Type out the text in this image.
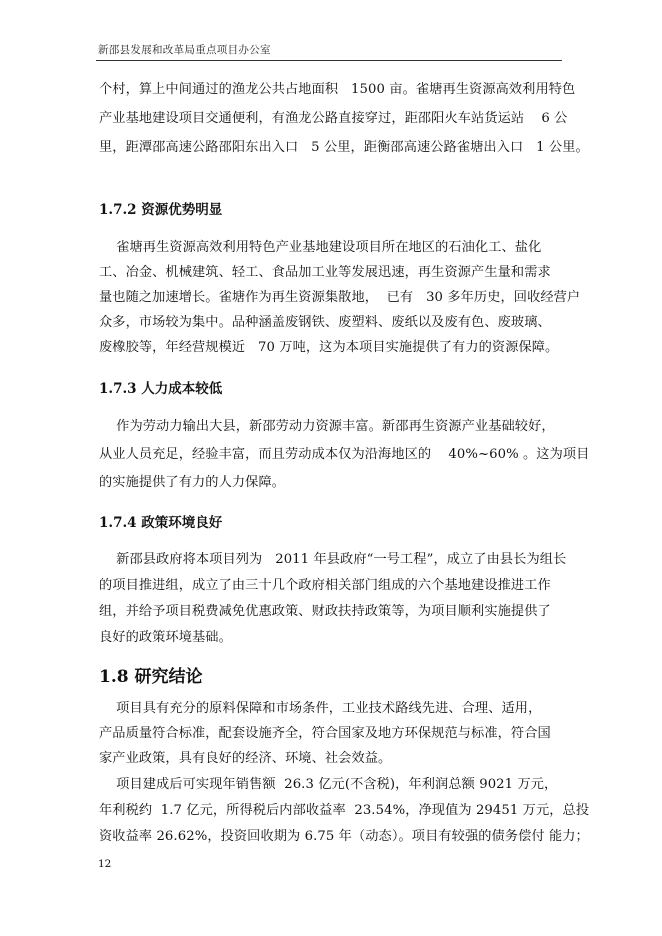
新邵县发展和改革局重点项目办公室
个村，算上中间通过的渔龙公共占地面积   1500 亩。雀塘再生资源高效利用特色
产业基地建设项目交通便利，有渔龙公路直接穿过，距邵阳火车站货运站    6 公
里，距潭邵高速公路邵阳东出入口   5 公里，距衡邵高速公路雀塘出入口   1 公里。
1.7.2 资源优势明显
雀塘再生资源高效利用特色产业基地建设项目所在地区的石油化工、盐化
工、冶金、机械建筑、轻工、食品加工业等发展迅速，再生资源产生量和需求
量也随之加速增长。雀塘作为再生资源集散地，  已有   30 多年历史，回收经营户
众多，市场较为集中。品种涵盖废钢铁、废塑料、废纸以及废有色、废玻璃、
废橡胶等，年经营规模近   70 万吨，这为本项目实施提供了有力的资源保障。
1.7.3 人力成本较低
作为劳动力输出大县，新邵劳动力资源丰富。新邵再生资源产业基础较好，
从业人员充足，经验丰富，而且劳动成本仅为沿海地区的    40%~60% 。这为项目
的实施提供了有力的人力保障。
1.7.4 政策环境良好
新邵县政府将本项目列为   2011 年县政府“一号工程”，成立了由县长为组长
的项目推进组，成立了由三十几个政府相关部门组成的六个基地建设推进工作
组，并给予项目税费减免优惠政策、财政扶持政策等，为项目顺利实施提供了
良好的政策环境基础。
1.8 研究结论
项目具有充分的原料保障和市场条件，工业技术路线先进、合理、适用，
产品质量符合标准，配套设施齐全，符合国家及地方环保规范与标准，符合国
家产业政策，具有良好的经济、环境、社会效益。
项目建成后可实现年销售额  26.3 亿元(不含税)，年利润总额 9021 万元，
年利税约  1.7 亿元，所得税后内部收益率  23.54%，净现值为 29451 万元，总投
资收益率 26.62%，投资回收期为 6.75 年（动态）。项目有较强的债务偿付 能力；
12
